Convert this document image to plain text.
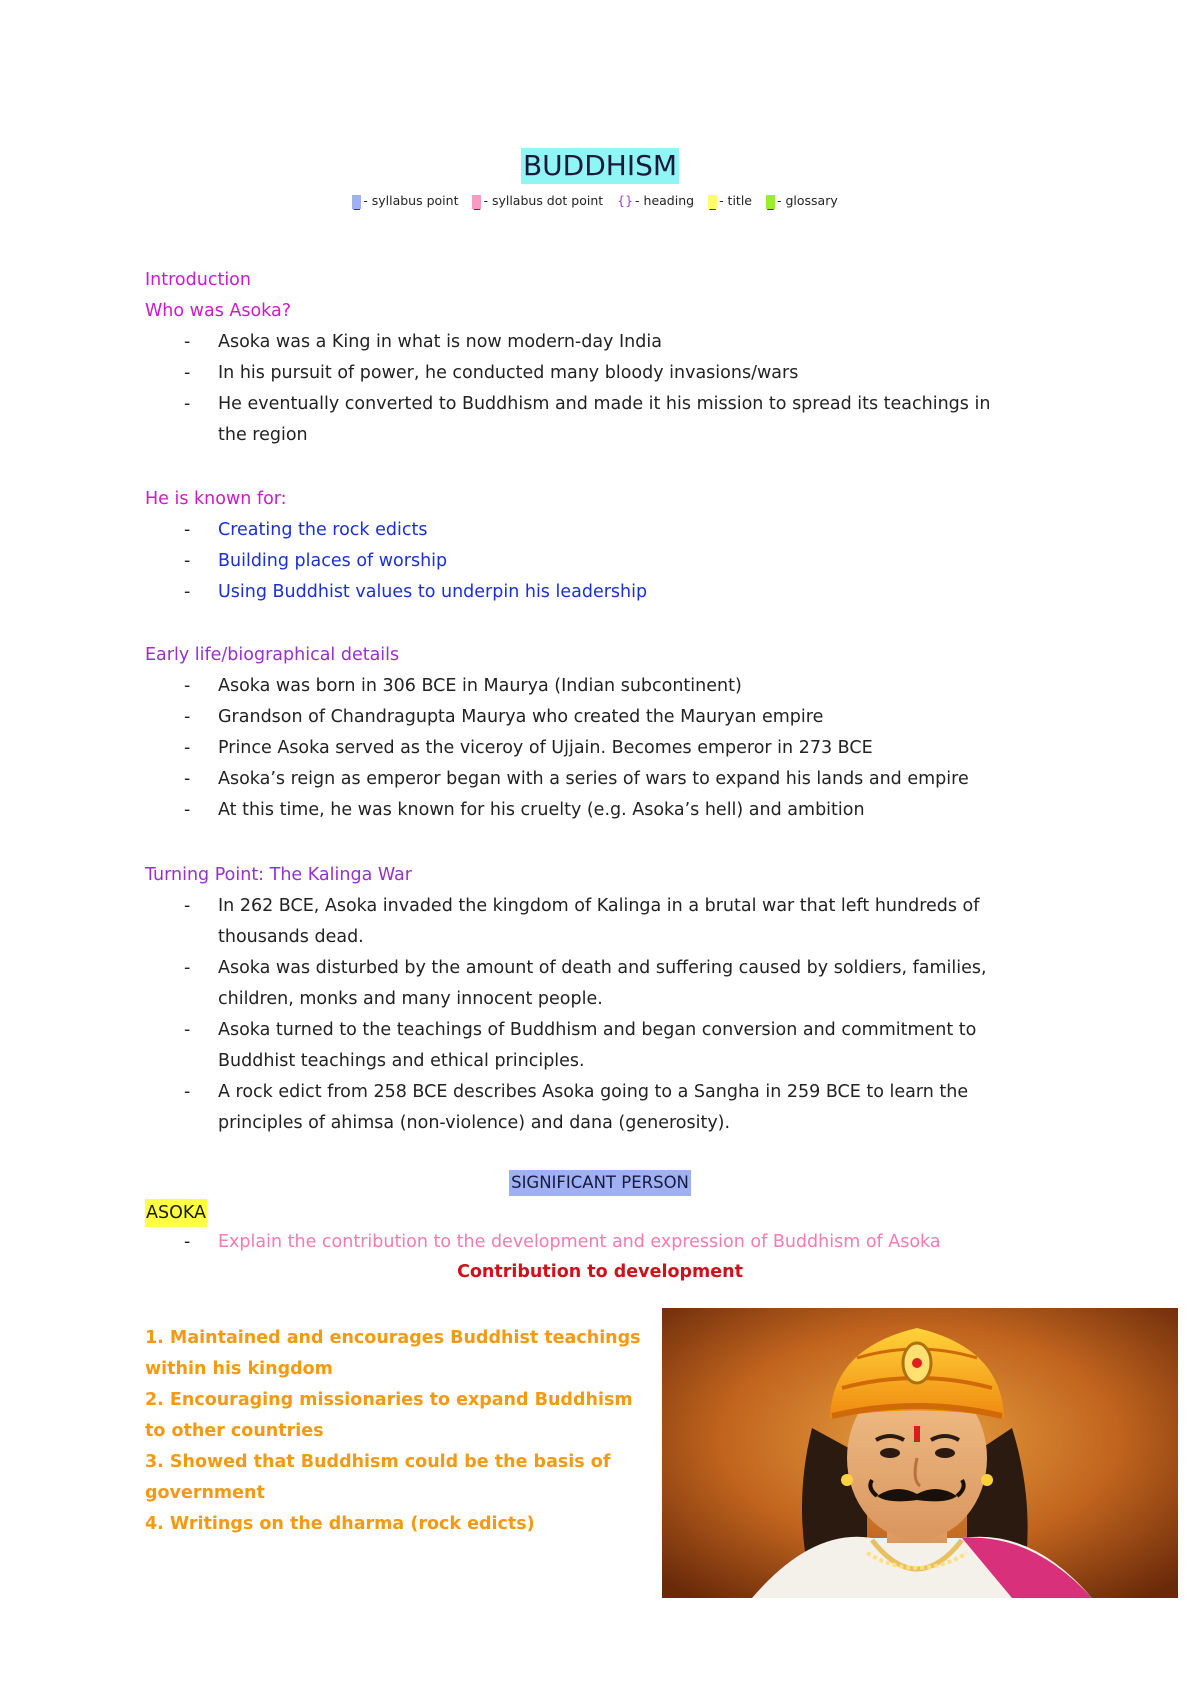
BUDDHISM
_ - syllabus point _ - syllabus dot point {} - heading _ - title _ - glossary
Introduction
Who was Asoka?
- Asoka was a King in what is now modern-day India
- In his pursuit of power, he conducted many bloody invasions/wars
- He eventually converted to Buddhism and made it his mission to spread its teachings in the region
He is known for:
- Creating the rock edicts
- Building places of worship
- Using Buddhist values to underpin his leadership
Early life/biographical details
- Asoka was born in 306 BCE in Maurya (Indian subcontinent)
- Grandson of Chandragupta Maurya who created the Mauryan empire
- Prince Asoka served as the viceroy of Ujjain. Becomes emperor in 273 BCE
- Asoka’s reign as emperor began with a series of wars to expand his lands and empire
- At this time, he was known for his cruelty (e.g. Asoka’s hell) and ambition
Turning Point: The Kalinga War
- In 262 BCE, Asoka invaded the kingdom of Kalinga in a brutal war that left hundreds of thousands dead.
- Asoka was disturbed by the amount of death and suffering caused by soldiers, families, children, monks and many innocent people.
- Asoka turned to the teachings of Buddhism and began conversion and commitment to Buddhist teachings and ethical principles.
- A rock edict from 258 BCE describes Asoka going to a Sangha in 259 BCE to learn the principles of ahimsa (non-violence) and dana (generosity).
SIGNIFICANT PERSON
ASOKA
- Explain the contribution to the development and expression of Buddhism of Asoka
Contribution to development
1. Maintained and encourages Buddhist teachings within his kingdom
2. Encouraging missionaries to expand Buddhism to other countries
3. Showed that Buddhism could be the basis of government
4. Writings on the dharma (rock edicts)
